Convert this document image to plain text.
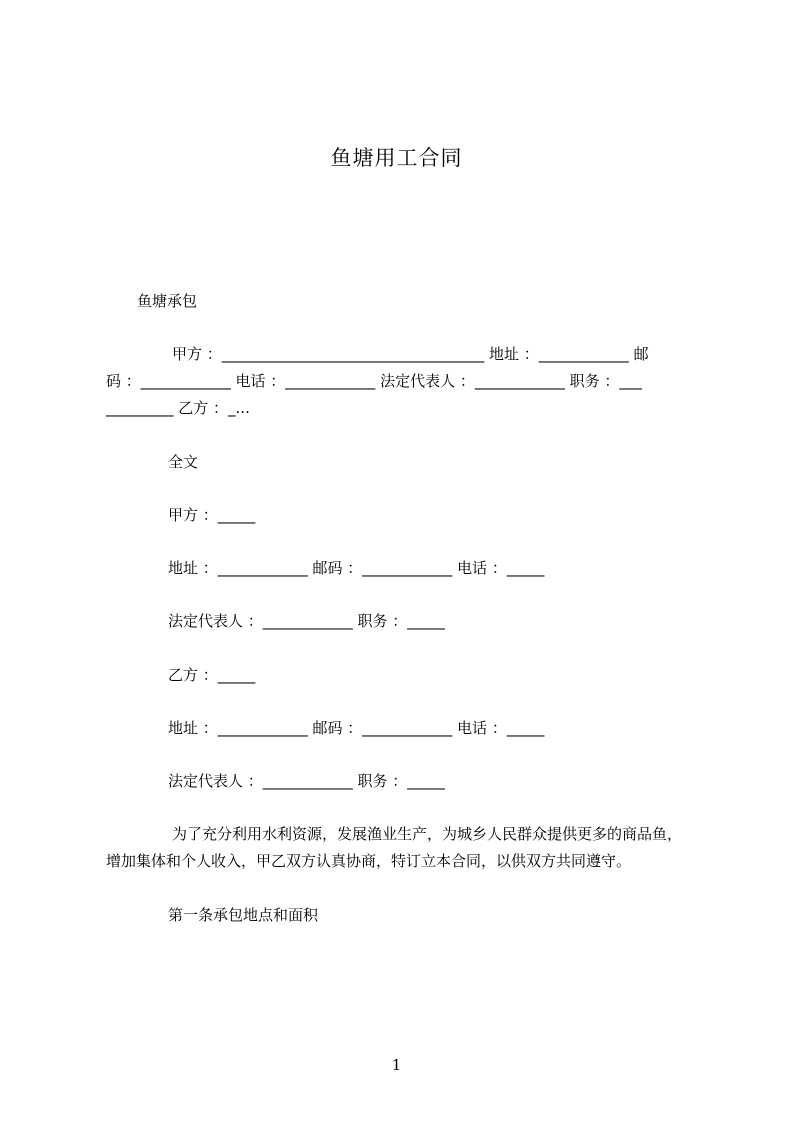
鱼塘用工合同
鱼塘承包
甲方 ：___________________________________ 地址 ：____________ 邮
码 ：____________ 电话 ：____________ 法定代表人 ：____________ 职务 ：___
_________ 乙方 ：_...
全文
甲方 ：_____
地址 ：____________ 邮码 ：____________ 电话 ：_____
法定代表人 ：____________ 职务 ：_____
乙方 ：_____
地址 ：____________ 邮码 ：____________ 电话 ：_____
法定代表人 ：____________ 职务 ：_____
为了充分利用水利资源，发展渔业生产，为城乡人民群众提供更多的商品鱼，
增加集体和个人收入，甲乙双方认真协商，特订立本合同，以供双方共同遵守。
第一条承包地点和面积
1
